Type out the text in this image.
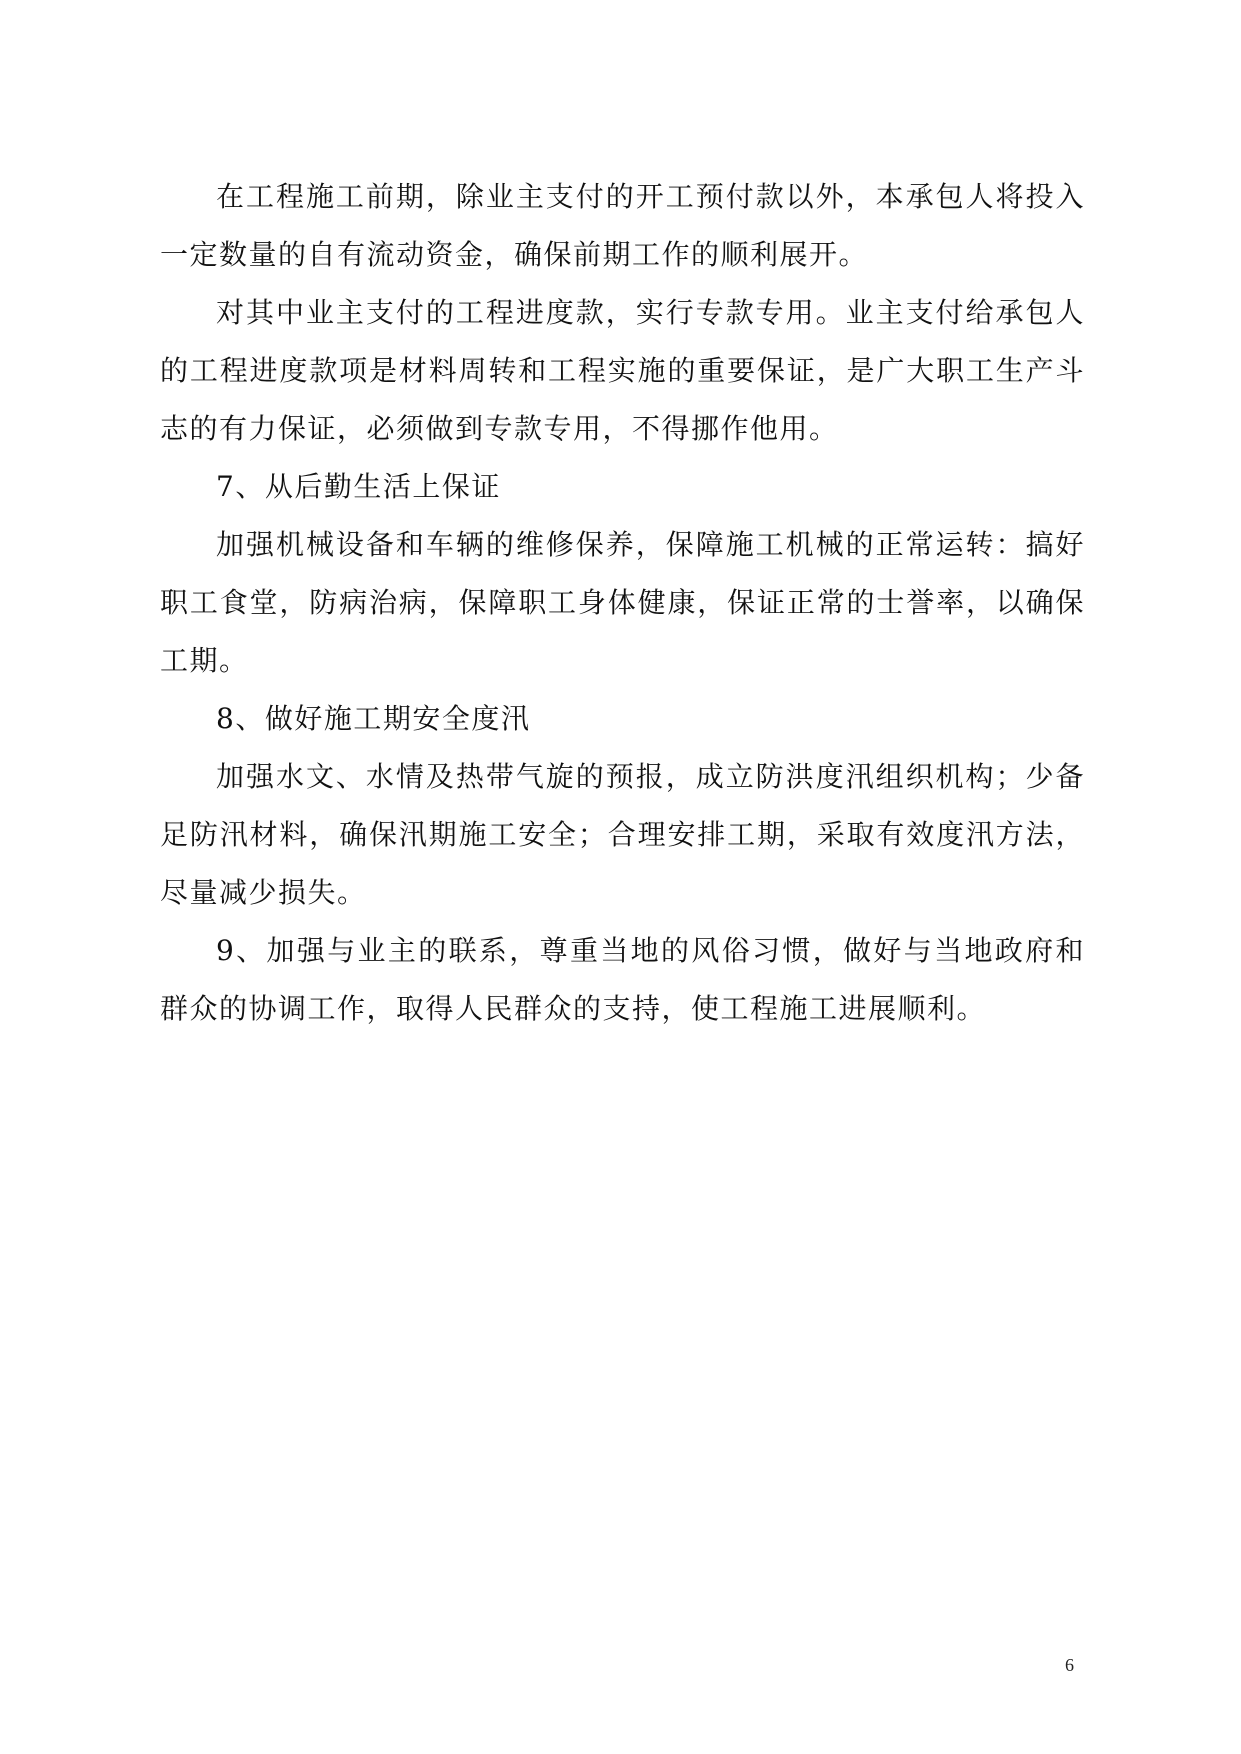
在工程施工前期，除业主支付的开工预付款以外，本承包人将投入一定数量的自有流动资金，确保前期工作的顺利展开。

对其中业主支付的工程进度款，实行专款专用。业主支付给承包人的工程进度款项是材料周转和工程实施的重要保证，是广大职工生产斗志的有力保证，必须做到专款专用，不得挪作他用。

7、从后勤生活上保证

加强机械设备和车辆的维修保养，保障施工机械的正常运转：搞好职工食堂，防病治病，保障职工身体健康，保证正常的士誉率，以确保工期。

8、做好施工期安全度汛

加强水文、水情及热带气旋的预报，成立防洪度汛组织机构；少备足防汛材料，确保汛期施工安全；合理安排工期，采取有效度汛方法，尽量减少损失。

9、加强与业主的联系，尊重当地的风俗习惯，做好与当地政府和群众的协调工作，取得人民群众的支持，使工程施工进展顺利。

6
